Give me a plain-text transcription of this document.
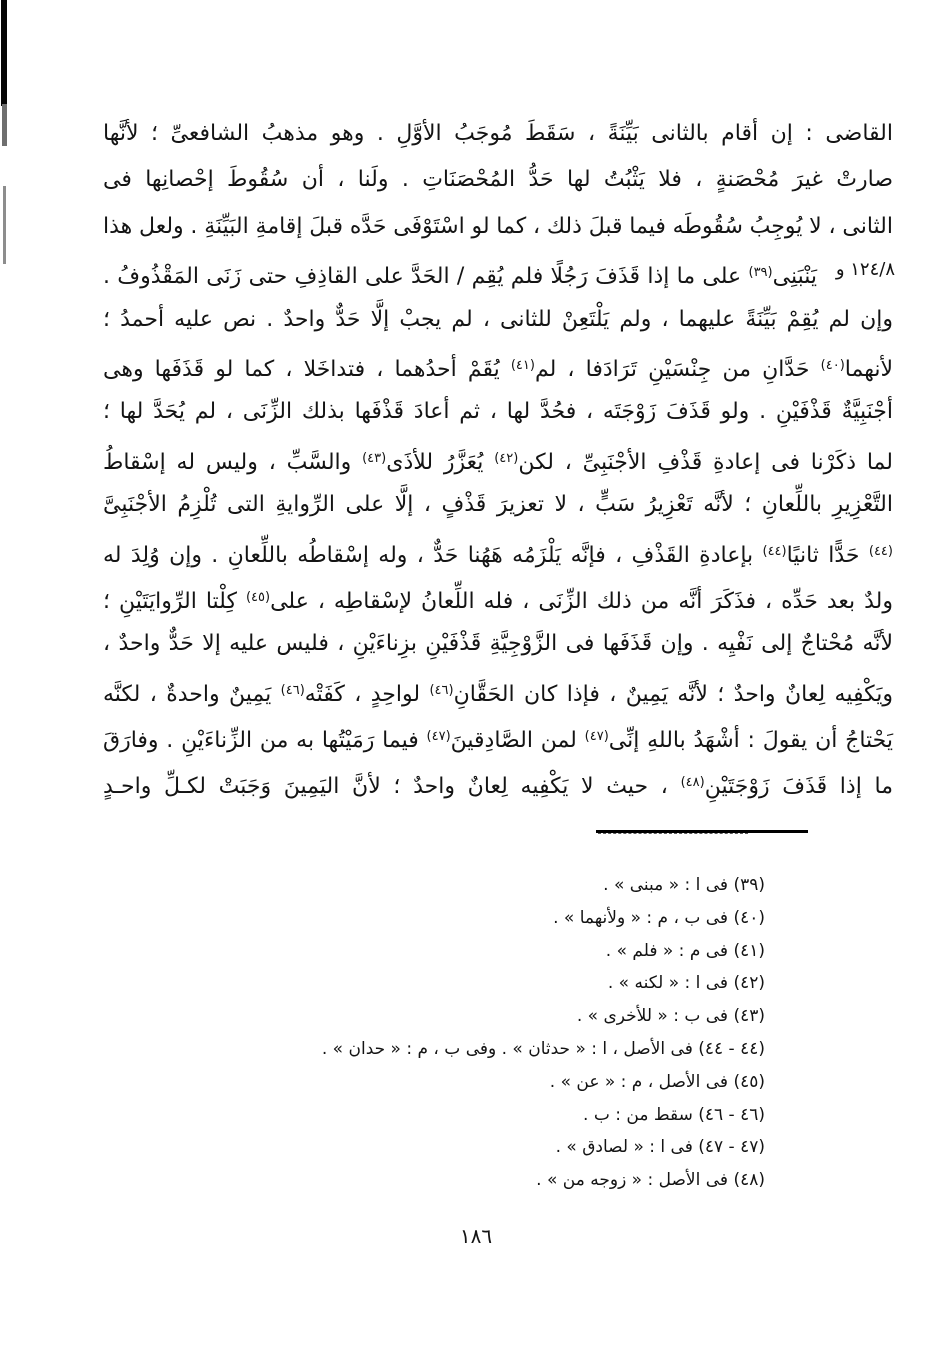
القاضى : إن أقام بالثانى بَيِّنَةً ، سَقَطَ مُوجَبُ الأوَّلِ . وهو مذهبُ الشافعىِّ ؛ لأنَّها
صارتْ غيرَ مُحْصَنةٍ ، فلا يَثْبُتُ لها حَدُّ المُحْصَنَاتِ . ولَنا ، أن سُقُوطَ إحْصانِها فى
الثانى ، لا يُوجِبُ سُقُوطَه فيما قبلَ ذلك ، كما لو اسْتَوْفَى حَدَّه قبلَ إقامةِ البَيِّنَةِ . ولعل هذا
يَنْبَنِى$^{(٣٩)}$ على ما إذا قَذَفَ رَجُلًا فلم يُقِم / الحَدَّ على القاذِفِ حتى زَنَى المَقْذُوفُ .	١٢٤/٨ و
وإن لم يُقِمْ بَيِّنَةً عليهما ، ولم يَلْتَعِنْ للثانى ، لم يجبْ إلَّا حَدٌّ واحدٌ . نص عليه أحمدُ ؛
لأنهما$^{(٤٠)}$ حَدَّانِ من جِنْسَيْنِ تَرَادَفا ، لم$^{(٤١)}$ يُقَمْ أحدُهما ، فتداخَلا ، كما لو قَذَفَها وهى
أجْنَبِيَّةٌ قَذْفَيْنِ . ولو قَذَفَ زَوْجَتَه ، فحُدَّ لها ، ثم أعادَ قَذْفَها بذلك الزِّنَى ، لم يُحَدَّ لها ؛
لما ذكَرْنا فى إعادةِ قَذْفِ الأجْنَبِىِّ ، لكن$^{(٤٢)}$ يُعَزَّرُ للأذَى$^{(٤٣)}$ والسَّبِّ ، وليس له إسْقاطُ
التَّعْزِيرِ باللِّعانِ ؛ لأنَّه تَعْزِيرُ سَبٍّ ، لا تعزيرَ قَذْفٍ ، إلَّا على الرِّوايةِ التى تُلْزِمُ الأجْنَبِىَّ
$^{(٤٤)}$ حَدًّا ثانيًا$^{(٤٤)}$ بإعادةِ القَذْفِ ، فإنَّه يَلْزَمُه هَهُنا حَدٌّ ، وله إسْقاطُه باللِّعانِ . وإن وُلِدَ له
ولدٌ بعد حَدِّه ، فذَكَرَ أنَّه من ذلك الزِّنَى ، فله اللِّعانُ لإسْقاطِه ، على$^{(٤٥)}$ كِلْتا الرِّوايَتَيْنِ ؛
لأنَّه مُحْتاجٌ إلى نَفْيِه . وإن قَذَفَها فى الزَّوْجِيَّةِ قَذْفَيْنِ بزِناءَيْنِ ، فليس عليه إلا حَدٌّ واحدٌ ،
ويَكْفِيه لِعانٌ واحدٌ ؛ لأنَّه يَمِينٌ ، فإذا كان الحَقَّانِ$^{(٤٦)}$ لواحِدٍ ، كَفَتْه$^{(٤٦)}$ يَمِينٌ واحدةٌ ، لكنَّه
يَحْتاجُ أن يقولَ : أشْهَدُ باللهِ إنِّى$^{(٤٧)}$ لمن الصَّادِقينَ$^{(٤٧)}$ فيما رَمَيْتُها به من الزِّناءَيْنِ . وفارَقَ
ما إذا قَذَفَ زَوْجَتَيْنِ$^{(٤٨)}$ ، حيث لا يَكْفِيه لِعانٌ واحدٌ ؛ لأنَّ اليَمِينَ وَجَبَتْ لكـلِّ واحـدٍ
(٣٩) فى ا : « مبنى » .
(٤٠) فى ب ، م : « ولأنهما » .
(٤١) فى م : « فلم » .
(٤٢) فى ا : « لكنه » .
(٤٣) فى ب : « للأخرى » .
(٤٤ - ٤٤) فى الأصل ، ا : « حدثان » . وفى ب ، م : « حدان » .
(٤٥) فى الأصل ، م : « عن » .
(٤٦ - ٤٦) سقط من : ب .
(٤٧ - ٤٧) فى ا : « لصادق » .
(٤٨) فى الأصل : « زوجه من » .
١٨٦
